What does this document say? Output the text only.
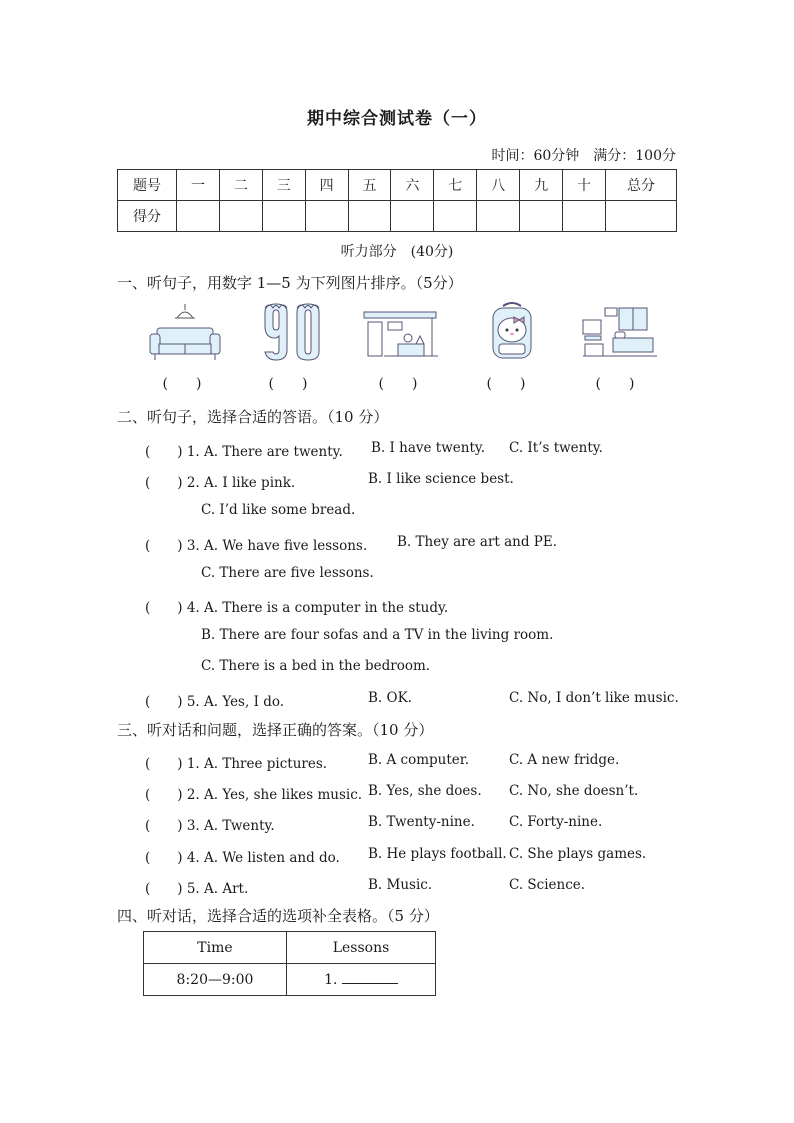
期中综合测试卷（一）
时间：60分钟　满分：100分
题号	一	二	三	四	五	六	七	八	九	十	总分
得分											
听力部分　(40分)
一、听句子，用数字 1—5 为下列图片排序。（5分）
(　　)	(　　)	(　　)	(　　)	(　　)
二、听句子，选择合适的答语。（10 分）
(　　) 1. A. There are twenty. B. I have twenty. C. It’s twenty.
(　　) 2. A. I like pink.	B. I like science best.
C. I’d like some bread.
(　　) 3. A. We have five lessons. B. They are art and PE.
C. There are five lessons.
(　　) 4. A. There is a computer in the study.
B. There are four sofas and a TV in the living room.
C. There is a bed in the bedroom.
(　　) 5. A. Yes, I do.	B. OK.	C. No, I don’t like music.
三、听对话和问题，选择正确的答案。（10 分）
(　　) 1. A. Three pictures.	B. A computer.	C. A new fridge.
(　　) 2. A. Yes, she likes music. B. Yes, she does. C. No, she doesn’t.
(　　) 3. A. Twenty.	B. Twenty-nine.	C. Forty-nine.
(　　) 4. A. We listen and do. B. He plays football. C. She plays games.
(　　) 5. A. Art.	B. Music.	C. Science.
四、听对话，选择合适的选项补全表格。（5 分）
Time	Lessons
8:20—9:00	1.
